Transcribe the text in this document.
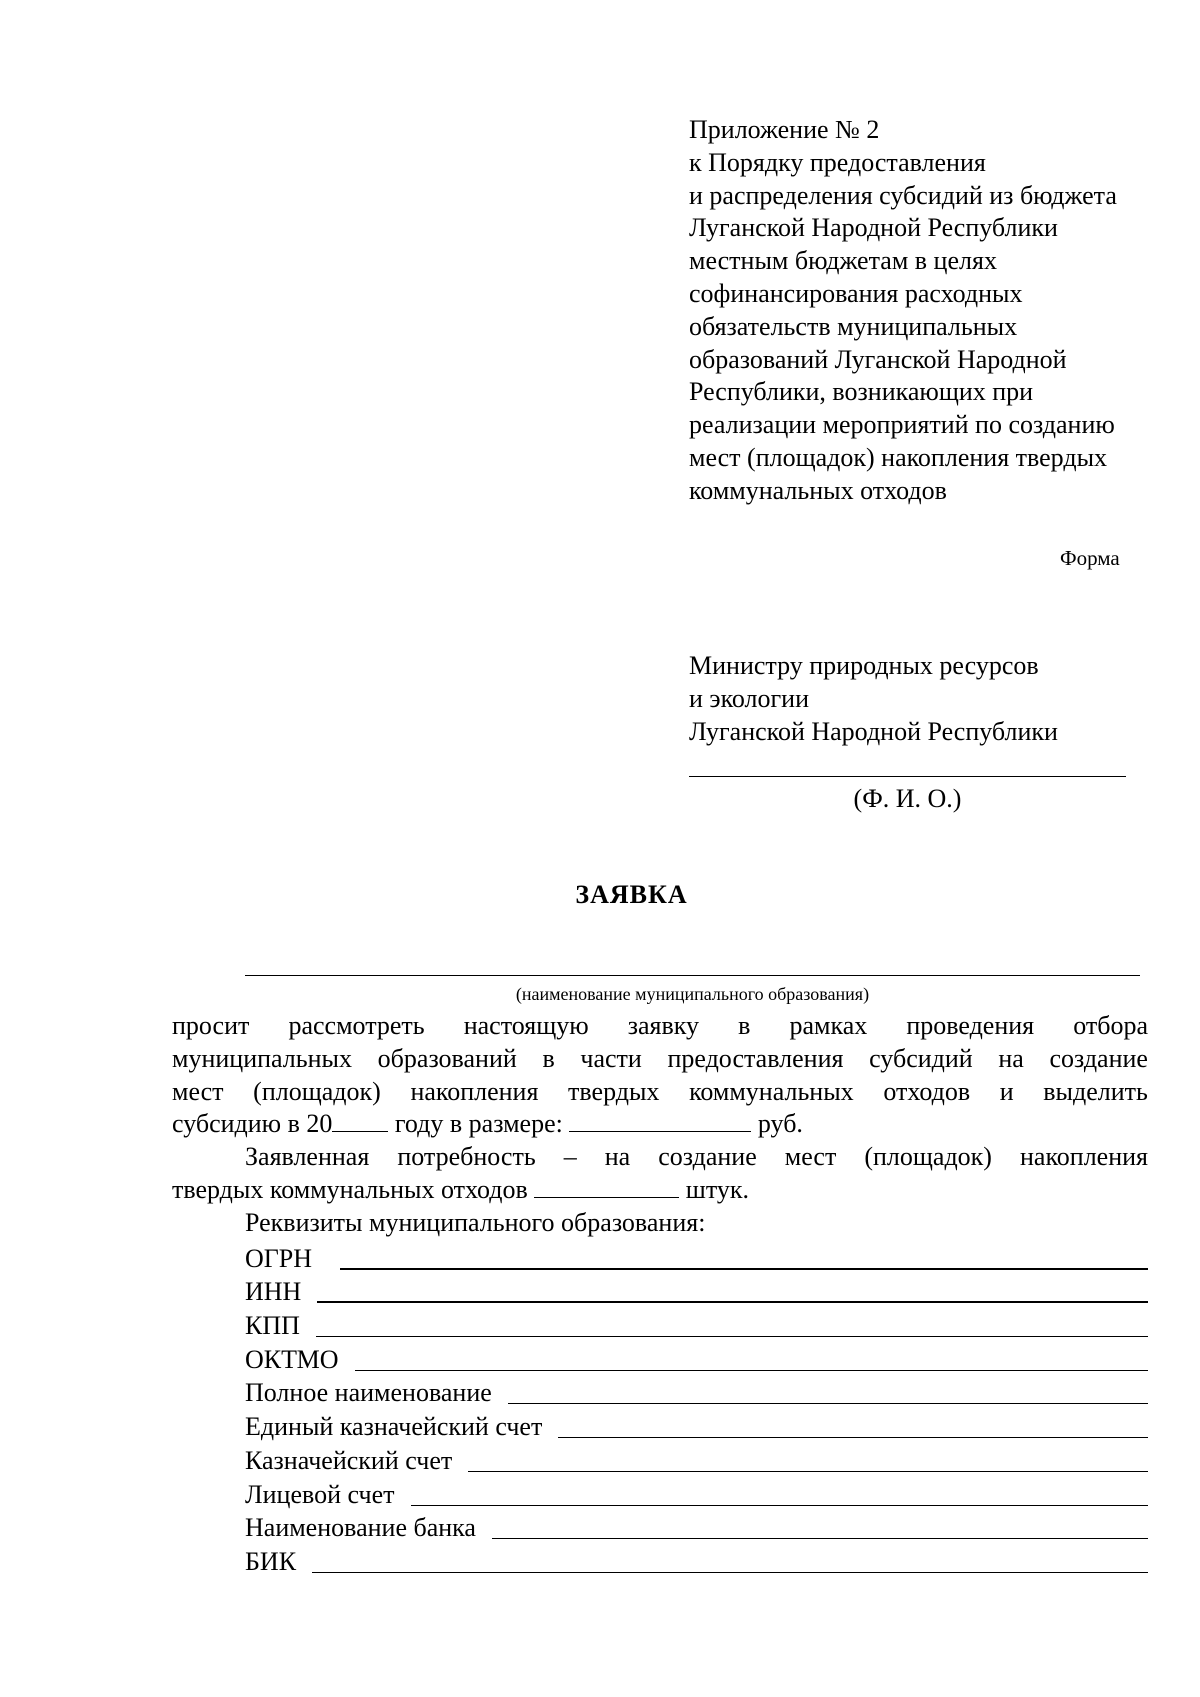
Приложение № 2
к Порядку предоставления
и распределения субсидий из бюджета
Луганской Народной Республики
местным бюджетам в целях
софинансирования расходных
обязательств муниципальных
образований Луганской Народной
Республики, возникающих при
реализации мероприятий по созданию
мест (площадок) накопления твердых
коммунальных отходов
Форма
Министру природных ресурсов
и экологии
Луганской Народной Республики
(Ф. И. О.)
ЗАЯВКА
(наименование муниципального образования)
просит рассмотреть настоящую заявку в рамках проведения отбора
муниципальных образований в части предоставления субсидий на создание
мест (площадок) накопления твердых коммунальных отходов и выделить
субсидию в 20 году в размере:	руб.
Заявленная потребность – на создание мест (площадок) накопления
твердых коммунальных отходов	штук.
Реквизиты муниципального образования:
ОГРН
ИНН
КПП
ОКТМО
Полное наименование
Единый казначейский счет
Казначейский счет
Лицевой счет
Наименование банка
БИК
